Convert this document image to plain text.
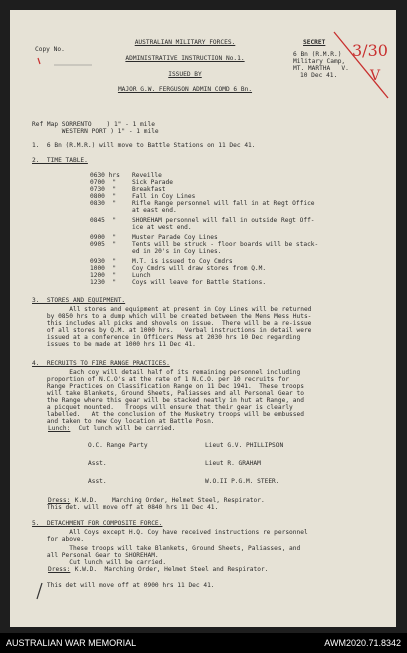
Copy No.
AUSTRALIAN MILITARY FORCES.
ADMINISTRATIVE INSTRUCTION No.1.
ISSUED BY
MAJOR G.W. FERGUSON ADMIN COMD 6 Bn.
SECRET
6 Bn (R.M.R.)
Military Camp,
MT. MARTHA   V.
10 Dec 41.
3/30
V
Ref Map SORRENTO    ) 1" - 1 mile
WESTERN PORT ) 1" - 1 mile
1.  6 Bn (R.M.R.) will move to Battle Stations on 11 Dec 41.
2.  TIME TABLE.
0630 hrs Reveille
0700  "	Sick Parade
0730  "	Breakfast
0800  "	Fall in Coy Lines
0830  "	Rifle Range personnel will fall in at Regt Office
at east end.
0845  "	SHOREHAM personnel will fall in outside Regt Off-
ice at west end.
0900  "	Muster Parade Coy Lines
0905  "	Tents will be struck - floor boards will be stack-
ed in 20's in Coy Lines.
0930  "	M.T. is issued to Coy Cmdrs
1000  "	Coy Cmdrs will draw stores from Q.M.
1200  "	Lunch
1230  "	Coys will leave for Battle Stations.
3.  STORES AND EQUIPMENT.
All stores and equipment at present in Coy Lines will be returned
by 0850 hrs to a dump which will be created between the Mens Mess Huts-
this includes all picks and shovels on issue.  There will be a re-issue
of all stores by Q.M. at 1000 hrs.   Verbal instructions in detail were
issued at a conference in Officers Mess at 2030 hrs 10 Dec regarding
issues to be made at 1000 hrs 11 Dec 41.
4.  RECRUITS TO FIRE RANGE PRACTICES.
Each coy will detail half of its remaining personnel including
proportion of N.C.O's at the rate of 1 N.C.O. per 10 recruits for
Range Practices on Classification Range on 11 Dec 1941.  These troops
will take Blankets, Ground Sheets, Paliasses and all Personal Gear to
the Range where this gear will be stacked neatly in hut at Range, and
a picquet mounted.   Troops will ensure that their gear is clearly
labelled.   At the conclusion of the Musketry troops will be embussed
and taken to new Coy location at Battle Posn.
Lunch: Cut lunch will be carried.
O.C. Range Party	Lieut G.V. PHILLIPSON
Asst.	Lieut R. GRAHAM
Asst.	W.O.II P.G.M. STEER.
Dress: K.W.D.    Marching Order, Helmet Steel, Respirator.
This det. will move off at 0840 hrs 11 Dec 41.
5.  DETACHMENT FOR COMPOSITE FORCE.
All Coys except H.Q. Coy have received instructions re personnel
for above.
These troops will take Blankets, Ground Sheets, Paliasses, and
all Personal Gear to SHOREHAM.
Cut lunch will be carried.
Dress: K.W.D.  Marching Order, Helmet Steel and Respirator.
This det will move off at 0900 hrs 11 Dec 41.
AUSTRALIAN WAR MEMORIAL	AWM2020.71.8342
